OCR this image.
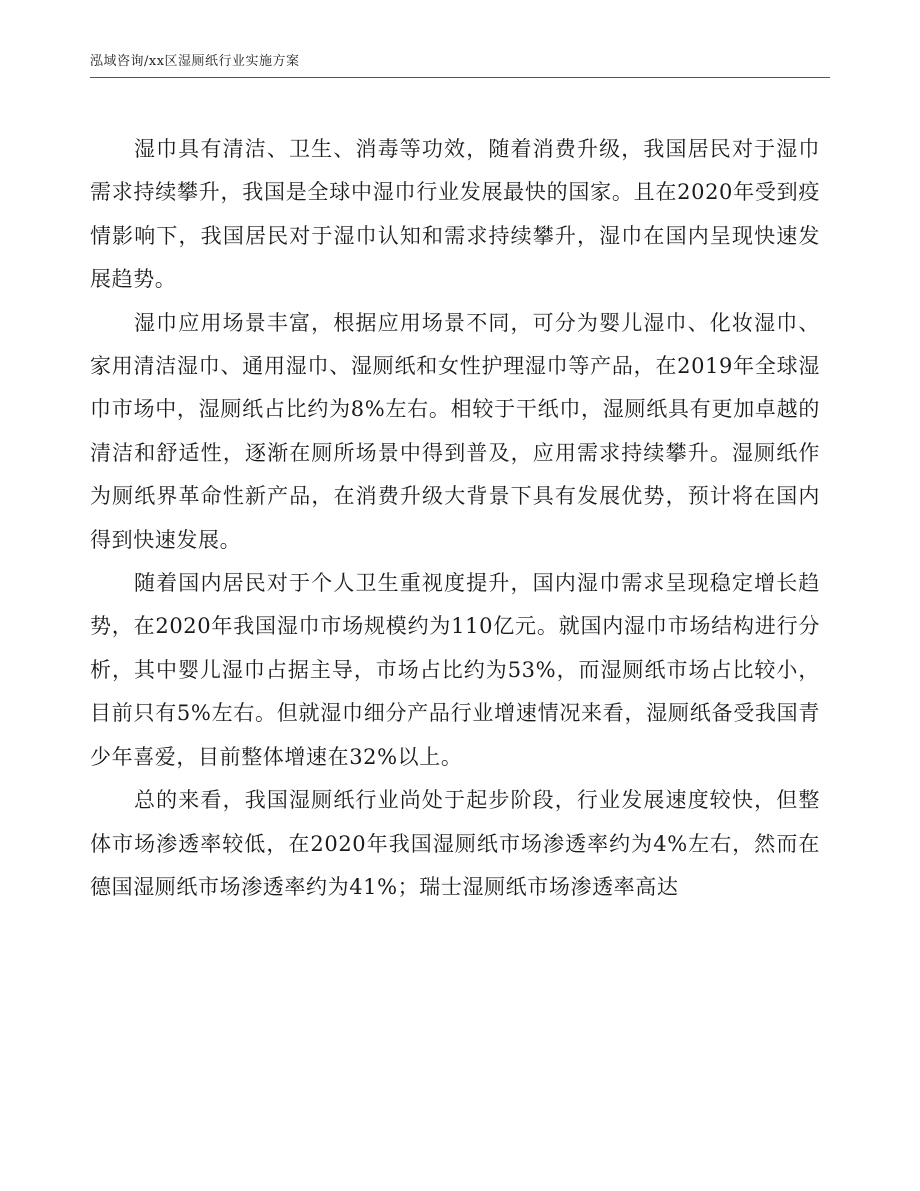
泓域咨询/xx区湿厕纸行业实施方案

湿巾具有清洁、卫生、消毒等功效，随着消费升级，我国居民对于湿巾需求持续攀升，我国是全球中湿巾行业发展最快的国家。且在2020年受到疫情影响下，我国居民对于湿巾认知和需求持续攀升，湿巾在国内呈现快速发展趋势。

湿巾应用场景丰富，根据应用场景不同，可分为婴儿湿巾、化妆湿巾、家用清洁湿巾、通用湿巾、湿厕纸和女性护理湿巾等产品，在2019年全球湿巾市场中，湿厕纸占比约为8%左右。相较于干纸巾，湿厕纸具有更加卓越的清洁和舒适性，逐渐在厕所场景中得到普及，应用需求持续攀升。湿厕纸作为厕纸界革命性新产品，在消费升级大背景下具有发展优势，预计将在国内得到快速发展。

随着国内居民对于个人卫生重视度提升，国内湿巾需求呈现稳定增长趋势，在2020年我国湿巾市场规模约为110亿元。就国内湿巾市场结构进行分析，其中婴儿湿巾占据主导，市场占比约为53%，而湿厕纸市场占比较小，目前只有5%左右。但就湿巾细分产品行业增速情况来看，湿厕纸备受我国青少年喜爱，目前整体增速在32%以上。

总的来看，我国湿厕纸行业尚处于起步阶段，行业发展速度较快，但整体市场渗透率较低，在2020年我国湿厕纸市场渗透率约为4%左右，然而在德国湿厕纸市场渗透率约为41%；瑞士湿厕纸市场渗透率高达
